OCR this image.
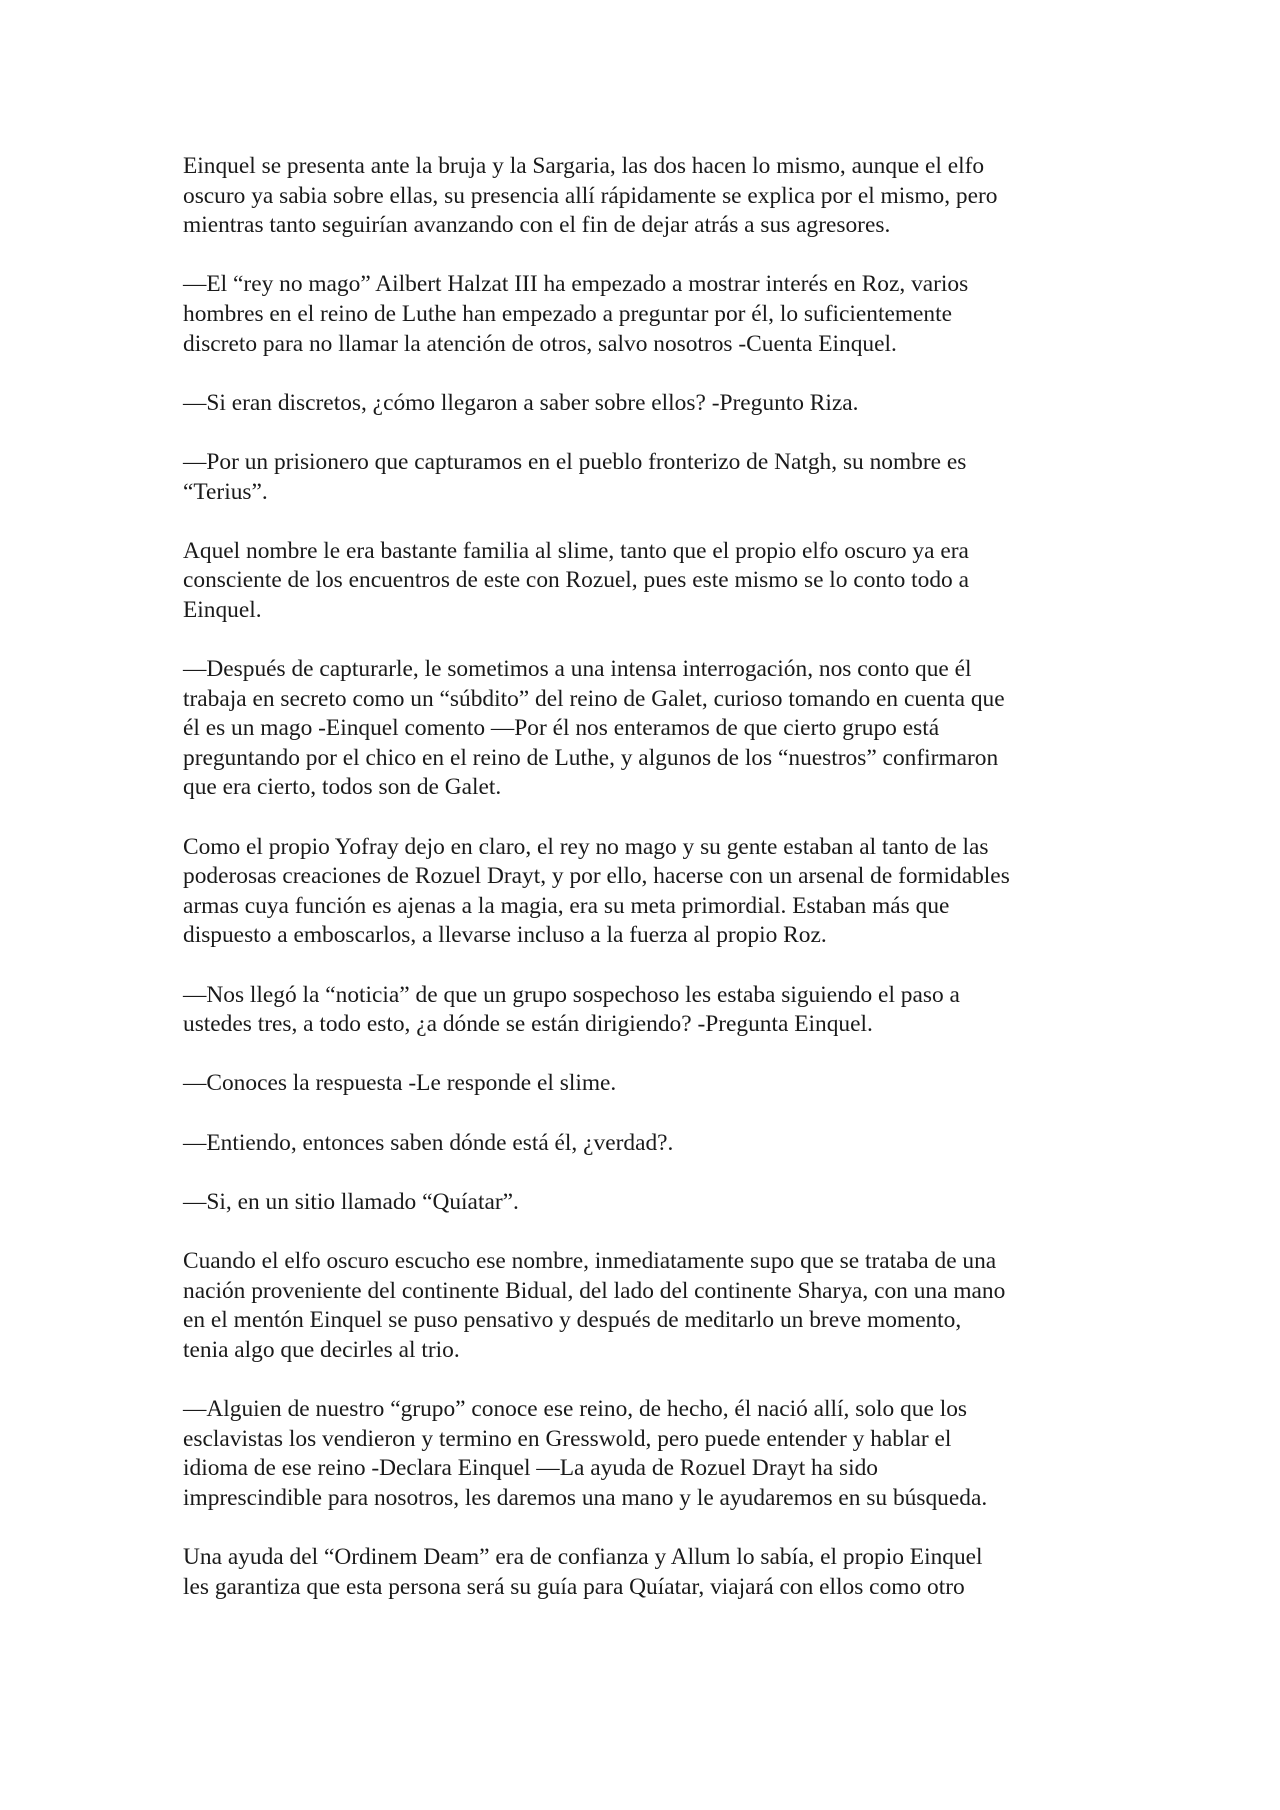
Einquel se presenta ante la bruja y la Sargaria, las dos hacen lo mismo, aunque el elfo
oscuro ya sabia sobre ellas, su presencia allí rápidamente se explica por el mismo, pero
mientras tanto seguirían avanzando con el fin de dejar atrás a sus agresores.

—El “rey no mago” Ailbert Halzat III ha empezado a mostrar interés en Roz, varios
hombres en el reino de Luthe han empezado a preguntar por él, lo suficientemente
discreto para no llamar la atención de otros, salvo nosotros -Cuenta Einquel.

—Si eran discretos, ¿cómo llegaron a saber sobre ellos? -Pregunto Riza.

—Por un prisionero que capturamos en el pueblo fronterizo de Natgh, su nombre es
“Terius”.

Aquel nombre le era bastante familia al slime, tanto que el propio elfo oscuro ya era
consciente de los encuentros de este con Rozuel, pues este mismo se lo conto todo a
Einquel.

—Después de capturarle, le sometimos a una intensa interrogación, nos conto que él
trabaja en secreto como un “súbdito” del reino de Galet, curioso tomando en cuenta que
él es un mago -Einquel comento —Por él nos enteramos de que cierto grupo está
preguntando por el chico en el reino de Luthe, y algunos de los “nuestros” confirmaron
que era cierto, todos son de Galet.

Como el propio Yofray dejo en claro, el rey no mago y su gente estaban al tanto de las
poderosas creaciones de Rozuel Drayt, y por ello, hacerse con un arsenal de formidables
armas cuya función es ajenas a la magia, era su meta primordial. Estaban más que
dispuesto a emboscarlos, a llevarse incluso a la fuerza al propio Roz.

—Nos llegó la “noticia” de que un grupo sospechoso les estaba siguiendo el paso a
ustedes tres, a todo esto, ¿a dónde se están dirigiendo? -Pregunta Einquel.

—Conoces la respuesta -Le responde el slime.

—Entiendo, entonces saben dónde está él, ¿verdad?.

—Si, en un sitio llamado “Quíatar”.

Cuando el elfo oscuro escucho ese nombre, inmediatamente supo que se trataba de una
nación proveniente del continente Bidual, del lado del continente Sharya, con una mano
en el mentón Einquel se puso pensativo y después de meditarlo un breve momento,
tenia algo que decirles al trio.

—Alguien de nuestro “grupo” conoce ese reino, de hecho, él nació allí, solo que los
esclavistas los vendieron y termino en Gresswold, pero puede entender y hablar el
idioma de ese reino -Declara Einquel —La ayuda de Rozuel Drayt ha sido
imprescindible para nosotros, les daremos una mano y le ayudaremos en su búsqueda.

Una ayuda del “Ordinem Deam” era de confianza y Allum lo sabía, el propio Einquel
les garantiza que esta persona será su guía para Quíatar, viajará con ellos como otro
